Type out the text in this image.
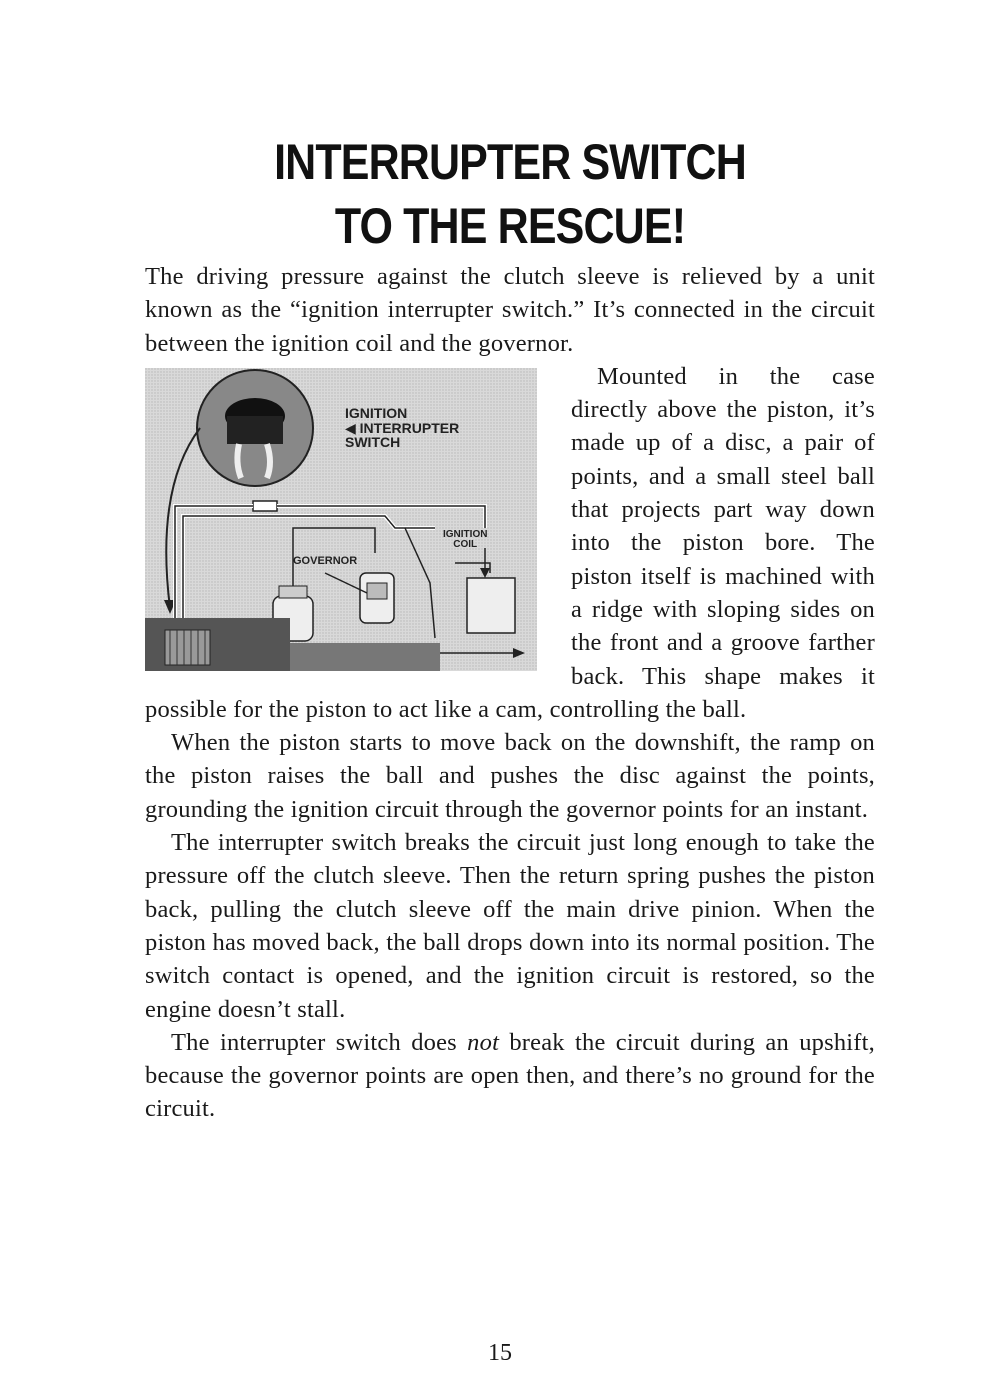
INTERRUPTER SWITCH
TO THE RESCUE!

The driving pressure against the clutch sleeve is relieved by a unit known as the “ignition interrupter switch.” It’s connected in the circuit between the ignition coil and the governor.

IGNITION
◀ INTERRUPTER
SWITCH
IGNITION
COIL
GOVERNOR

Mounted in the case directly above the piston, it’s made up of a disc, a pair of points, and a small steel ball that projects part way down into the piston bore. The piston itself is machined with a ridge with sloping sides on the front and a groove farther back. This shape makes it possible for the piston to act like a cam, controlling the ball.

When the piston starts to move back on the downshift, the ramp on the piston raises the ball and pushes the disc against the points, grounding the ignition circuit through the governor points for an instant.

The interrupter switch breaks the circuit just long enough to take the pressure off the clutch sleeve. Then the return spring pushes the piston back, pulling the clutch sleeve off the main drive pinion. When the piston has moved back, the ball drops down into its normal position. The switch contact is opened, and the ignition circuit is restored, so the engine doesn’t stall.

The interrupter switch does not break the circuit during an upshift, because the governor points are open then, and there’s no ground for the circuit.

15
